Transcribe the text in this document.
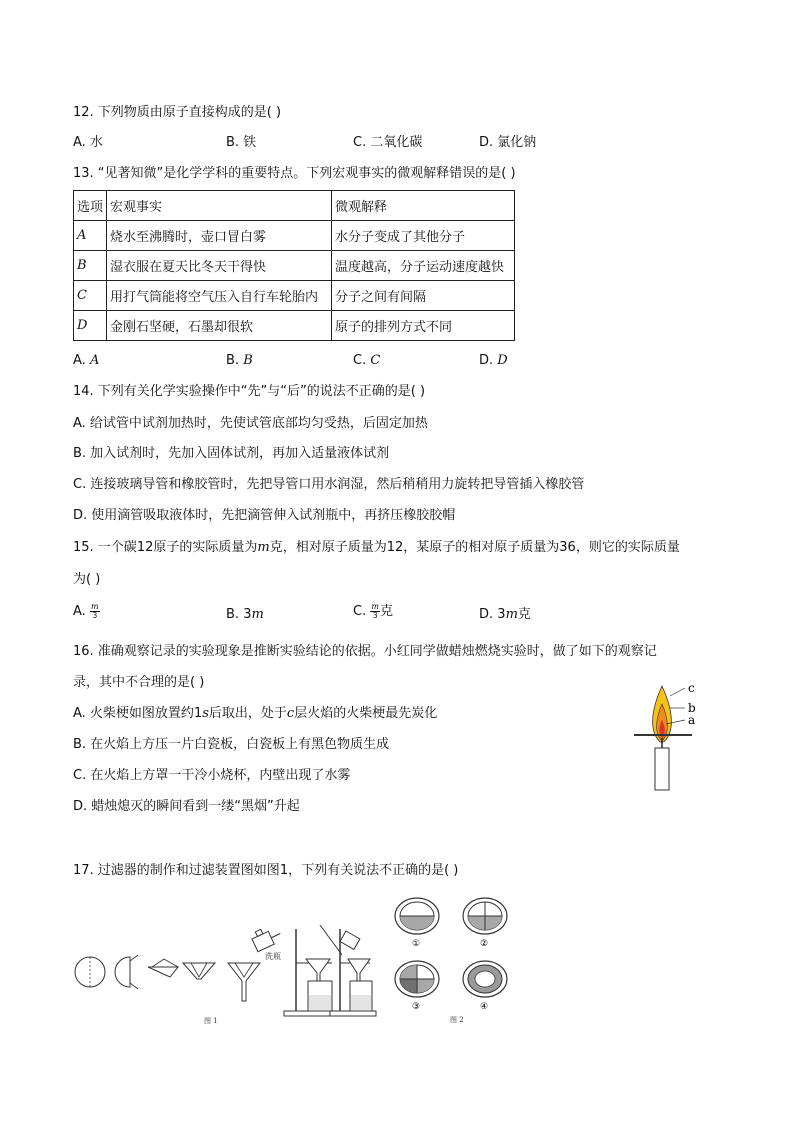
12. 下列物质由原子直接构成的是( )
A. 水	B. 铁	C. 二氧化碳	D. 氯化钠
13. “见著知微”是化学学科的重要特点。下列宏观事实的微观解释错误的是( )
选项	宏观事实	微观解释
A	烧水至沸腾时，壶口冒白雾	水分子变成了其他分子
B	湿衣服在夏天比冬天干得快	温度越高，分子运动速度越快
C	用打气筒能将空气压入自行车轮胎内	分子之间有间隔
D	金刚石坚硬，石墨却很软	原子的排列方式不同
A. A	B. B	C. C	D. D
14. 下列有关化学实验操作中“先”与“后”的说法不正确的是( )
A. 给试管中试剂加热时，先使试管底部均匀受热，后固定加热
B. 加入试剂时，先加入固体试剂，再加入适量液体试剂
C. 连接玻璃导管和橡胶管时，先把导管口用水润湿，然后稍稍用力旋转把导管插入橡胶管
D. 使用滴管吸取液体时，先把滴管伸入试剂瓶中，再挤压橡胶胶帽
15. 一个碳12原子的实际质量为m克，相对原子质量为12，某原子的相对原子质量为36，则它的实际质量
为( )
A. $\frac{m}{3}$	B. 3m	C. $\frac{m}{3}$ 克	D. 3m克
16. 准确观察记录的实验现象是推断实验结论的依据。小红同学做蜡烛燃烧实验时，做了如下的观察记
录，其中不合理的是( )
A. 火柴梗如图放置约1s后取出，处于c层火焰的火柴梗最先炭化
B. 在火焰上方压一片白瓷板，白瓷板上有黑色物质生成
C. 在火焰上方罩一干冷小烧杯，内壁出现了水雾
D. 蜡烛熄灭的瞬间看到一缕“黑烟”升起
c
b
a
17. 过滤器的制作和过滤装置图如图1，下列有关说法不正确的是( )
洗瓶
图 1
①	②
③	④
图 2
